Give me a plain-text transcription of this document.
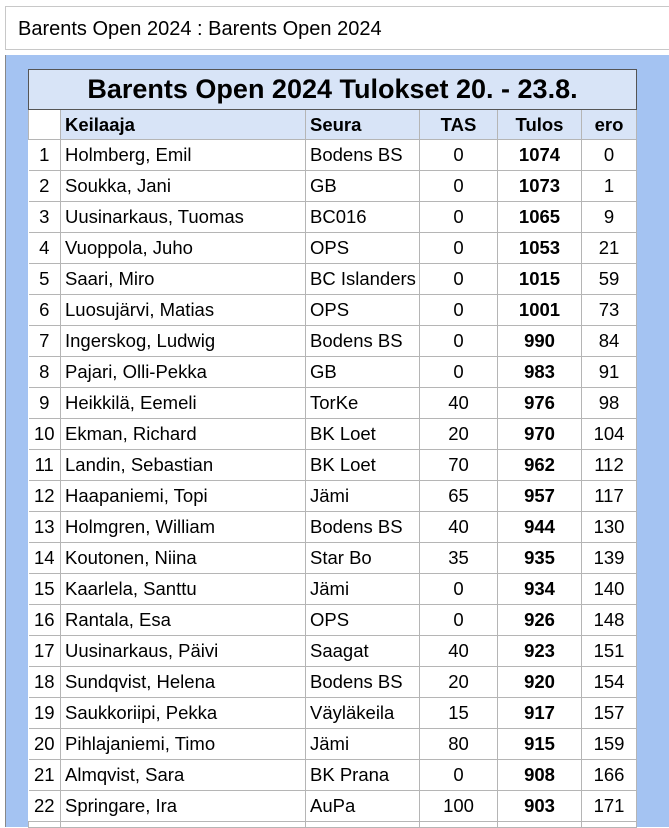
Barents Open 2024 : Barents Open 2024
Barents Open 2024 Tulokset 20. - 23.8.					
	Keilaaja	Seura	TAS	Tulos	ero
1	Holmberg, Emil	Bodens BS	0	1074	0
2	Soukka, Jani	GB	0	1073	1
3	Uusinarkaus, Tuomas	BC016	0	1065	9
4	Vuoppola, Juho	OPS	0	1053	21
5	Saari, Miro	BC Islanders	0	1015	59
6	Luosujärvi, Matias	OPS	0	1001	73
7	Ingerskog, Ludwig	Bodens BS	0	990	84
8	Pajari, Olli-Pekka	GB	0	983	91
9	Heikkilä, Eemeli	TorKe	40	976	98
10	Ekman, Richard	BK Loet	20	970	104
11	Landin, Sebastian	BK Loet	70	962	112
12	Haapaniemi, Topi	Jämi	65	957	117
13	Holmgren, William	Bodens BS	40	944	130
14	Koutonen, Niina	Star Bo	35	935	139
15	Kaarlela, Santtu	Jämi	0	934	140
16	Rantala, Esa	OPS	0	926	148
17	Uusinarkaus, Päivi	Saagat	40	923	151
18	Sundqvist, Helena	Bodens BS	20	920	154
19	Saukkoriipi, Pekka	Väyläkeila	15	917	157
20	Pihlajaniemi, Timo	Jämi	80	915	159
21	Almqvist, Sara	BK Prana	0	908	166
22	Springare, Ira	AuPa	100	903	171
